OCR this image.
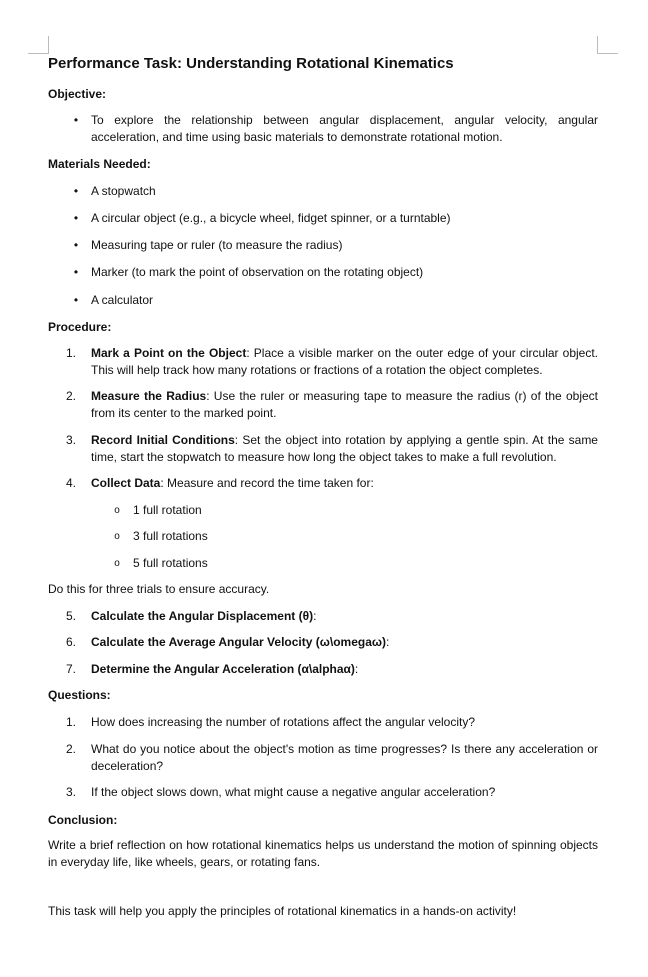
Performance Task: Understanding Rotational Kinematics
Objective:
•	To explore the relationship between angular displacement, angular velocity, angular acceleration, and time using basic materials to demonstrate rotational motion.
Materials Needed:
•	A stopwatch
•	A circular object (e.g., a bicycle wheel, fidget spinner, or a turntable)
•	Measuring tape or ruler (to measure the radius)
•	Marker (to mark the point of observation on the rotating object)
•	A calculator
Procedure:
1.	Mark a Point on the Object: Place a visible marker on the outer edge of your circular object. This will help track how many rotations or fractions of a rotation the object completes.
2.	Measure the Radius: Use the ruler or measuring tape to measure the radius (r) of the object from its center to the marked point.
3.	Record Initial Conditions: Set the object into rotation by applying a gentle spin. At the same time, start the stopwatch to measure how long the object takes to make a full revolution.
4.	Collect Data: Measure and record the time taken for:
o	1 full rotation
o	3 full rotations
o	5 full rotations
Do this for three trials to ensure accuracy.
5.	Calculate the Angular Displacement (θ):
6.	Calculate the Average Angular Velocity (ω\omegaω):
7.	Determine the Angular Acceleration (α\alphaα):
Questions:
1.	How does increasing the number of rotations affect the angular velocity?
2.	What do you notice about the object's motion as time progresses? Is there any acceleration or deceleration?
3.	If the object slows down, what might cause a negative angular acceleration?
Conclusion:
Write a brief reflection on how rotational kinematics helps us understand the motion of spinning objects in everyday life, like wheels, gears, or rotating fans.
This task will help you apply the principles of rotational kinematics in a hands-on activity!
